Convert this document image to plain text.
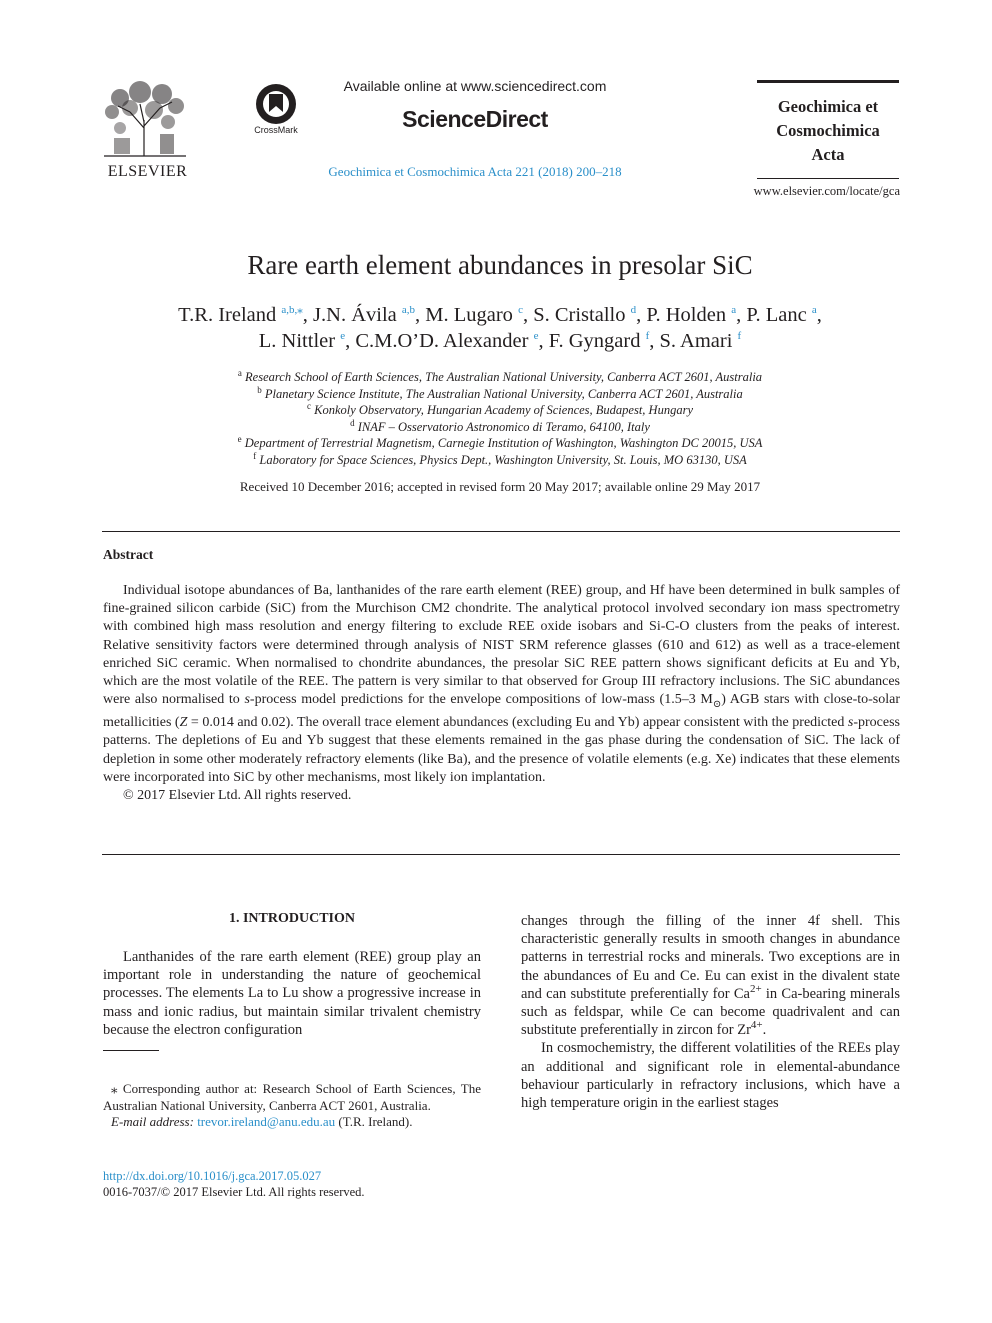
ELSEVIER
CrossMark
Available online at www.sciencedirect.com
ScienceDirect
Geochimica et Cosmochimica Acta 221 (2018) 200–218
Geochimica et
Cosmochimica
Acta
www.elsevier.com/locate/gca
Rare earth element abundances in presolar SiC
T.R. Ireland $^{a,b,⁎}$, J.N. Ávila $^{a,b}$, M. Lugaro $^c$, S. Cristallo $^d$, P. Holden $^a$, P. Lanc $^a$,
L. Nittler $^e$, C.M.O’D. Alexander $^e$, F. Gyngard $^f$, S. Amari $^f$
$^a$ Research School of Earth Sciences, The Australian National University, Canberra ACT 2601, Australia
$^b$ Planetary Science Institute, The Australian National University, Canberra ACT 2601, Australia
$^c$ Konkoly Observatory, Hungarian Academy of Sciences, Budapest, Hungary
$^d$ INAF – Osservatorio Astronomico di Teramo, 64100, Italy
$^e$ Department of Terrestrial Magnetism, Carnegie Institution of Washington, Washington DC 20015, USA
$^f$ Laboratory for Space Sciences, Physics Dept., Washington University, St. Louis, MO 63130, USA
Received 10 December 2016; accepted in revised form 20 May 2017; available online 29 May 2017
Abstract

Individual isotope abundances of Ba, lanthanides of the rare earth element (REE) group, and Hf have been determined in bulk samples of fine-grained silicon carbide (SiC) from the Murchison CM2 chondrite. The analytical protocol involved secondary ion mass spectrometry with combined high mass resolution and energy filtering to exclude REE oxide isobars and Si-C-O clusters from the peaks of interest. Relative sensitivity factors were determined through analysis of NIST SRM reference glasses (610 and 612) as well as a trace-element enriched SiC ceramic. When normalised to chondrite abundances, the presolar SiC REE pattern shows significant deficits at Eu and Yb, which are the most volatile of the REE. The pattern is very similar to that observed for Group III refractory inclusions. The SiC abundances were also normalised to s-process model predictions for the envelope compositions of low-mass (1.5–3 $M_⊙$) AGB stars with close-to-solar metallicities (Z = 0.014 and 0.02). The overall trace element abundances (excluding Eu and Yb) appear consistent with the predicted s-process patterns. The depletions of Eu and Yb suggest that these elements remained in the gas phase during the condensation of SiC. The lack of depletion in some other moderately refractory elements (like Ba), and the presence of volatile elements (e.g. Xe) indicates that these elements were incorporated into SiC by other mechanisms, most likely ion implantation.

© 2017 Elsevier Ltd. All rights reserved.

1. INTRODUCTION

Lanthanides of the rare earth element (REE) group play an important role in understanding the nature of geochemical processes. The elements La to Lu show a progressive increase in mass and ionic radius, but maintain similar trivalent chemistry because the electron configuration

changes through the filling of the inner 4f shell. This characteristic generally results in smooth changes in abundance patterns in terrestrial rocks and minerals. Two exceptions are in the abundances of Eu and Ce. Eu can exist in the divalent state and can substitute preferentially for $Ca^{2+}$ in Ca-bearing minerals such as feldspar, while Ce can become quadrivalent and can substitute preferentially in zircon for $Zr^{4+}$.

In cosmochemistry, the different volatilities of the REEs play an additional and significant role in elemental-abundance behaviour particularly in refractory inclusions, which have a high temperature origin in the earliest stages

⁎ Corresponding author at: Research School of Earth Sciences, The Australian National University, Canberra ACT 2601, Australia.

E-mail address: trevor.ireland@anu.edu.au (T.R. Ireland).

http://dx.doi.org/10.1016/j.gca.2017.05.027
0016-7037/© 2017 Elsevier Ltd. All rights reserved.
